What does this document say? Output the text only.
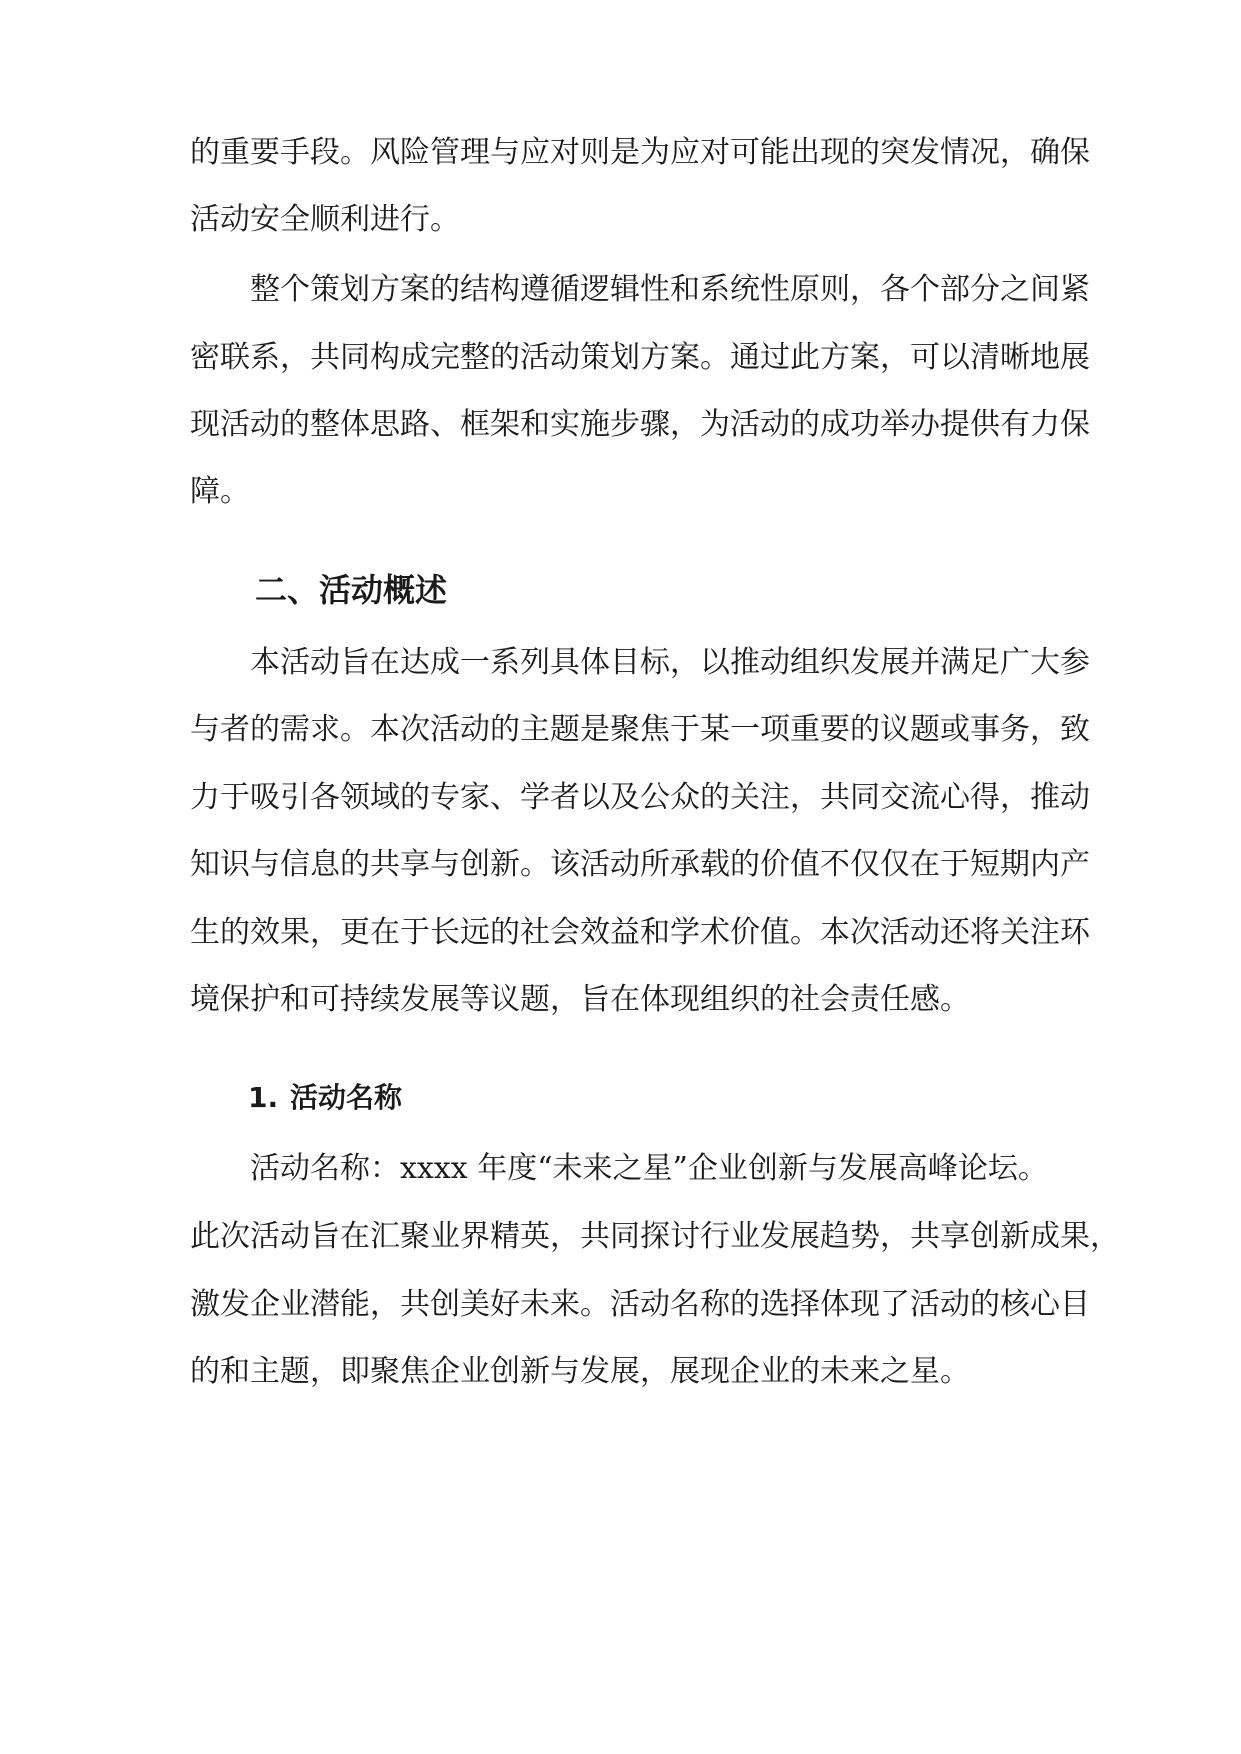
的重要手段。风险管理与应对则是为应对可能出现的突发情况，确保
活动安全顺利进行。
整个策划方案的结构遵循逻辑性和系统性原则，各个部分之间紧
密联系，共同构成完整的活动策划方案。通过此方案，可以清晰地展
现活动的整体思路、框架和实施步骤，为活动的成功举办提供有力保
障。
二、活动概述
本活动旨在达成一系列具体目标，以推动组织发展并满足广大参
与者的需求。本次活动的主题是聚焦于某一项重要的议题或事务，致
力于吸引各领域的专家、学者以及公众的关注，共同交流心得，推动
知识与信息的共享与创新。该活动所承载的价值不仅仅在于短期内产
生的效果，更在于长远的社会效益和学术价值。本次活动还将关注环
境保护和可持续发展等议题，旨在体现组织的社会责任感。
1. 活动名称
活动名称：xxxx 年度“未来之星”企业创新与发展高峰论坛。
此次活动旨在汇聚业界精英，共同探讨行业发展趋势，共享创新成果，
激发企业潜能，共创美好未来。活动名称的选择体现了活动的核心目
的和主题，即聚焦企业创新与发展，展现企业的未来之星。
